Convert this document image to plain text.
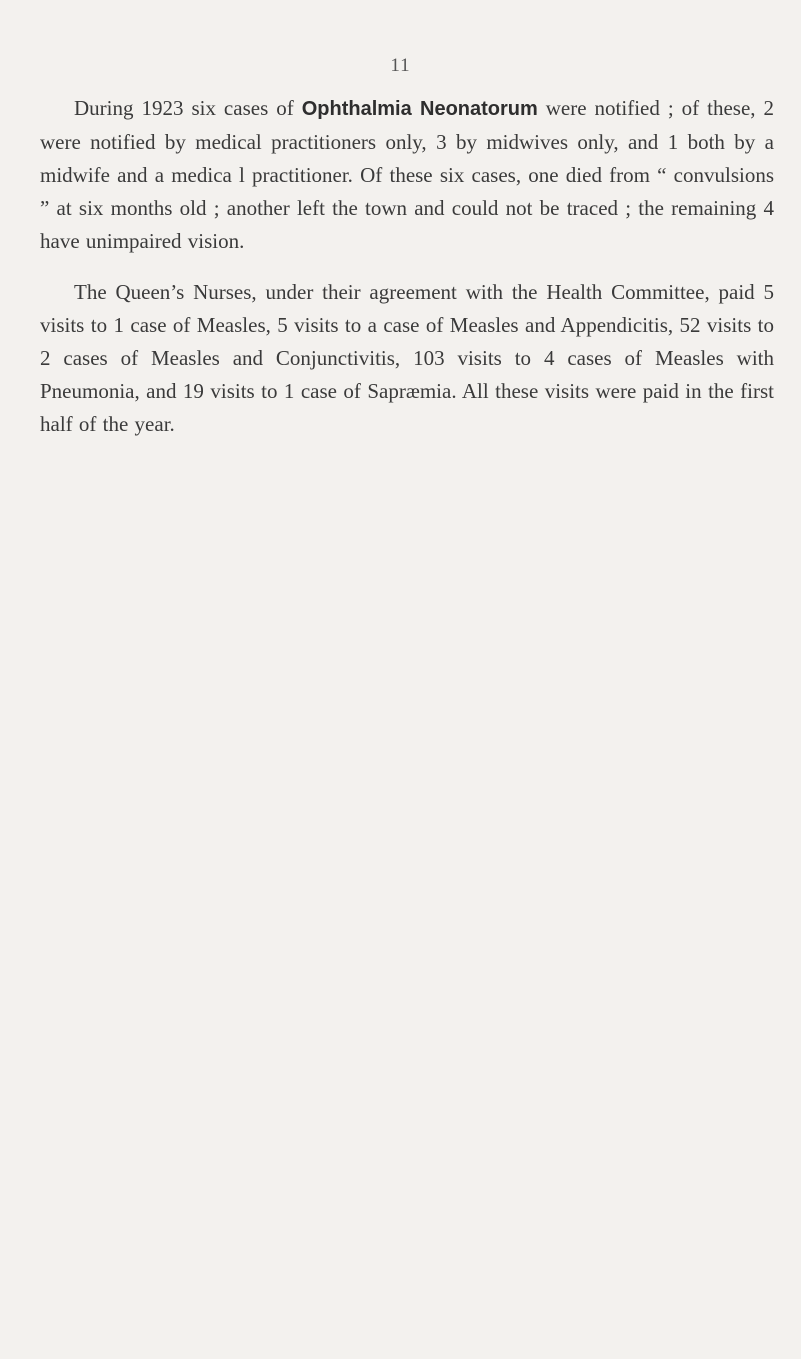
11

During 1923 six cases of Ophthalmia Neonatorum were notified ; of these, 2 were notified by medical practitioners only, 3 by midwives only, and 1 both by a midwife and a medica l practitioner. Of these six cases, one died from “ convulsions ” at six months old ; another left the town and could not be traced ; the remaining 4 have unimpaired vision.

The Queen’s Nurses, under their agreement with the Health Committee, paid 5 visits to 1 case of Measles, 5 visits to a case of Measles and Appendicitis, 52 visits to 2 cases of Measles and Conjunctivitis, 103 visits to 4 cases of Measles with Pneumonia, and 19 visits to 1 case of Sapræmia. All these visits were paid in the first half of the year.
